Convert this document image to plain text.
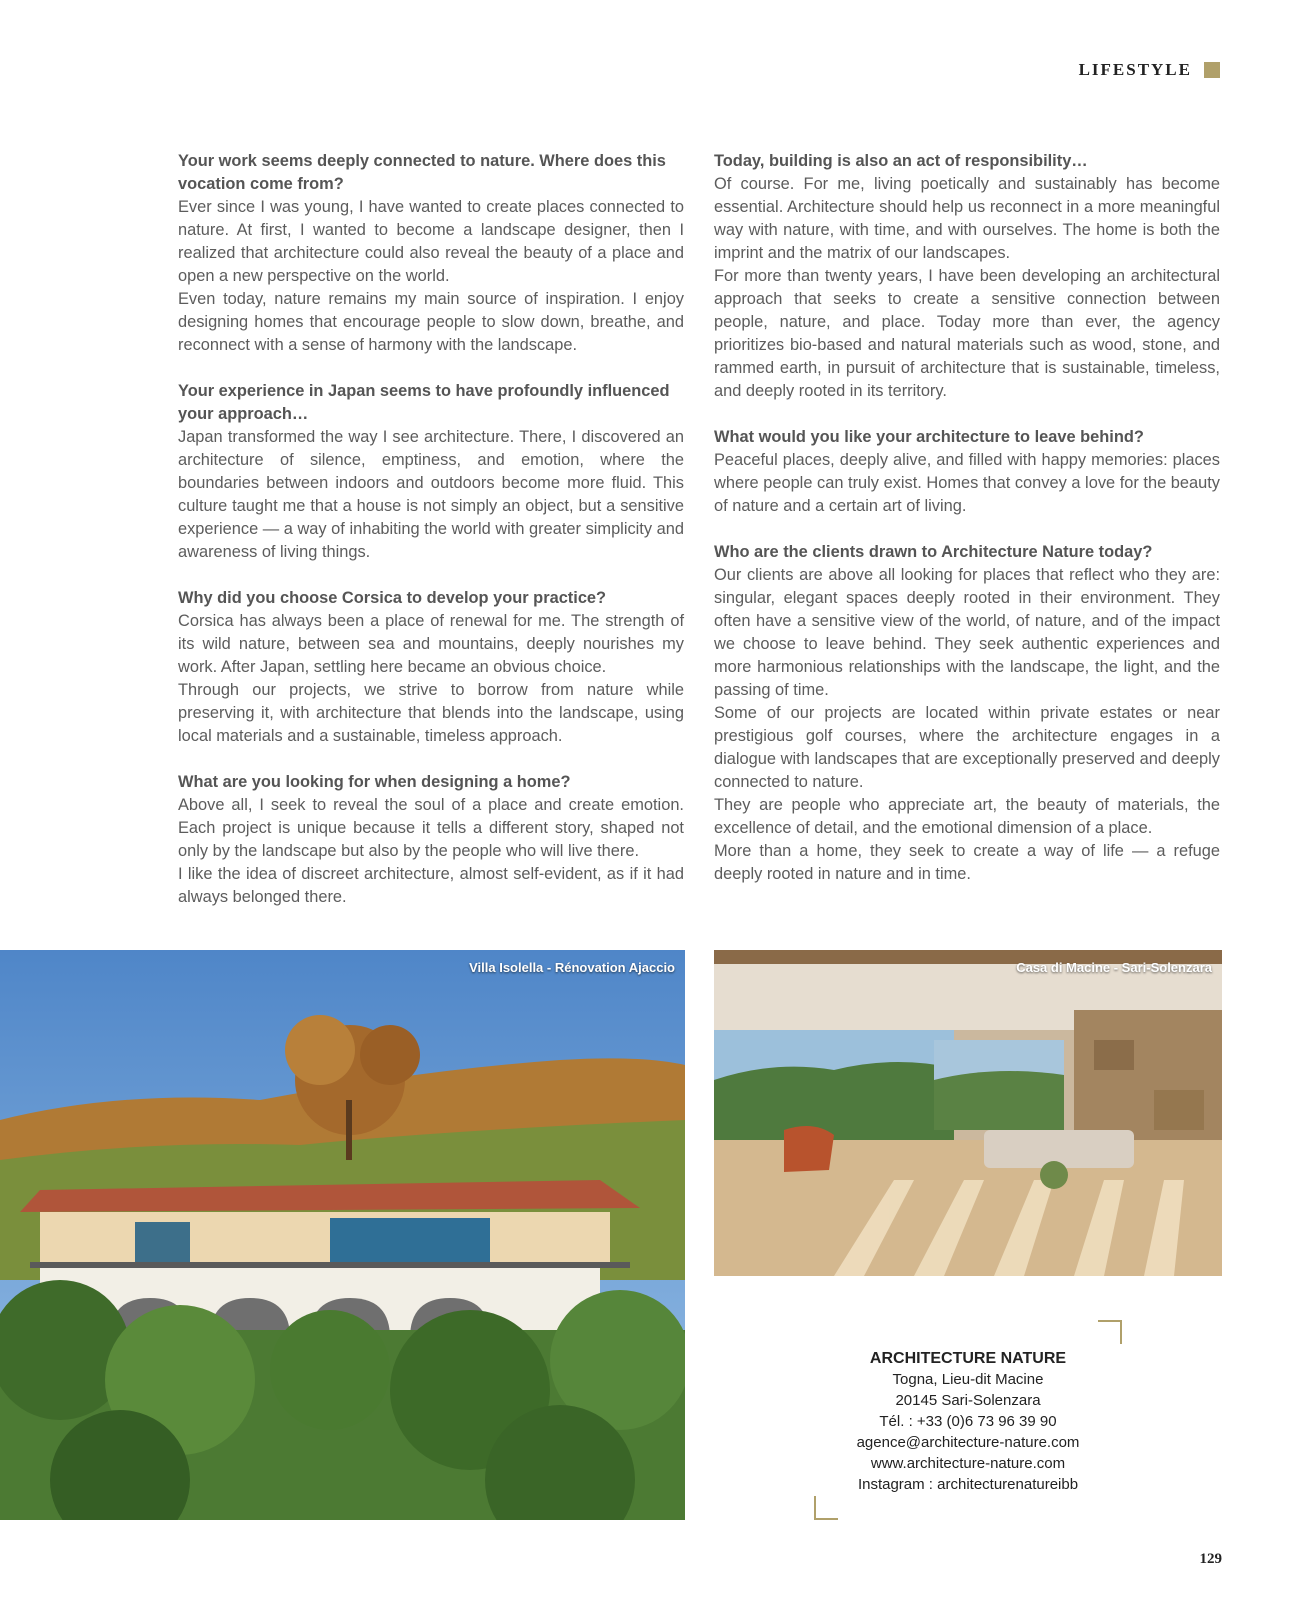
LIFESTYLE

Your work seems deeply connected to nature. Where does this vocation come from?

Ever since I was young, I have wanted to create places connected to nature. At first, I wanted to become a landscape designer, then I realized that architecture could also reveal the beauty of a place and open a new perspective on the world.

Even today, nature remains my main source of inspiration. I enjoy designing homes that encourage people to slow down, breathe, and reconnect with a sense of harmony with the landscape.

Your experience in Japan seems to have profoundly influenced your approach…

Japan transformed the way I see architecture. There, I discovered an architecture of silence, emptiness, and emotion, where the boundaries between indoors and outdoors become more fluid. This culture taught me that a house is not simply an object, but a sensitive experience — a way of inhabiting the world with greater simplicity and awareness of living things.

Why did you choose Corsica to develop your practice?

Corsica has always been a place of renewal for me. The strength of its wild nature, between sea and mountains, deeply nourishes my work. After Japan, settling here became an obvious choice.

Through our projects, we strive to borrow from nature while preserving it, with architecture that blends into the landscape, using local materials and a sustainable, timeless approach.

What are you looking for when designing a home?

Above all, I seek to reveal the soul of a place and create emotion. Each project is unique because it tells a different story, shaped not only by the landscape but also by the people who will live there.

I like the idea of discreet architecture, almost self-evident, as if it had always belonged there.

Today, building is also an act of responsibility…

Of course. For me, living poetically and sustainably has become essential. Architecture should help us reconnect in a more meaningful way with nature, with time, and with ourselves. The home is both the imprint and the matrix of our landscapes.

For more than twenty years, I have been developing an architectural approach that seeks to create a sensitive connection between people, nature, and place. Today more than ever, the agency prioritizes bio-based and natural materials such as wood, stone, and rammed earth, in pursuit of architecture that is sustainable, timeless, and deeply rooted in its territory.

What would you like your architecture to leave behind?

Peaceful places, deeply alive, and filled with happy memories: places where people can truly exist. Homes that convey a love for the beauty of nature and a certain art of living.

Who are the clients drawn to Architecture Nature today?

Our clients are above all looking for places that reflect who they are: singular, elegant spaces deeply rooted in their environment. They often have a sensitive view of the world, of nature, and of the impact we choose to leave behind. They seek authentic experiences and more harmonious relationships with the landscape, the light, and the passing of time.

Some of our projects are located within private estates or near prestigious golf courses, where the architecture engages in a dialogue with landscapes that are exceptionally preserved and deeply connected to nature.

They are people who appreciate art, the beauty of materials, the excellence of detail, and the emotional dimension of a place.

More than a home, they seek to create a way of life — a refuge deeply rooted in nature and in time.

Villa Isolella - Rénovation Ajaccio	Casa di Macine - Sari-Solenzara

ARCHITECTURE NATURE

Togna, Lieu-dit Macine

20145 Sari-Solenzara

Tél. : +33 (0)6 73 96 39 90

agence@architecture-nature.com

www.architecture-nature.com

Instagram : architecturenatureibb

129
